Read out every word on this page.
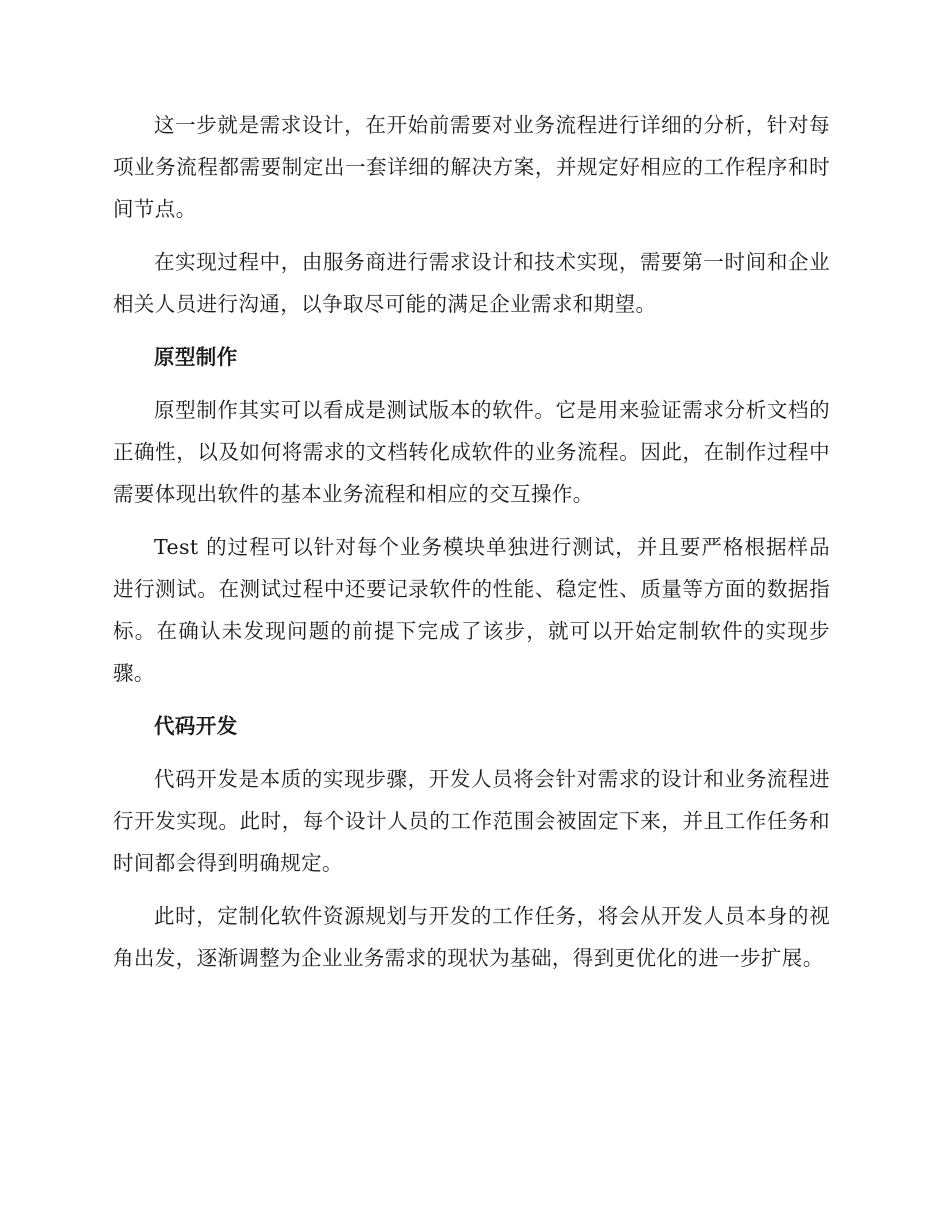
这一步就是需求设计，在开始前需要对业务流程进行详细的分析，针对每项业务流程都需要制定出一套详细的解决方案，并规定好相应的工作程序和时间节点。

在实现过程中，由服务商进行需求设计和技术实现，需要第一时间和企业相关人员进行沟通，以争取尽可能的满足企业需求和期望。

原型制作

原型制作其实可以看成是测试版本的软件。它是用来验证需求分析文档的正确性，以及如何将需求的文档转化成软件的业务流程。因此，在制作过程中需要体现出软件的基本业务流程和相应的交互操作。

Test 的过程可以针对每个业务模块单独进行测试，并且要严格根据样品进行测试。在测试过程中还要记录软件的性能、稳定性、质量等方面的数据指标。在确认未发现问题的前提下完成了该步，就可以开始定制软件的实现步骤。

代码开发

代码开发是本质的实现步骤，开发人员将会针对需求的设计和业务流程进行开发实现。此时，每个设计人员的工作范围会被固定下来，并且工作任务和时间都会得到明确规定。

此时，定制化软件资源规划与开发的工作任务，将会从开发人员本身的视角出发，逐渐调整为企业业务需求的现状为基础，得到更优化的进一步扩展。
